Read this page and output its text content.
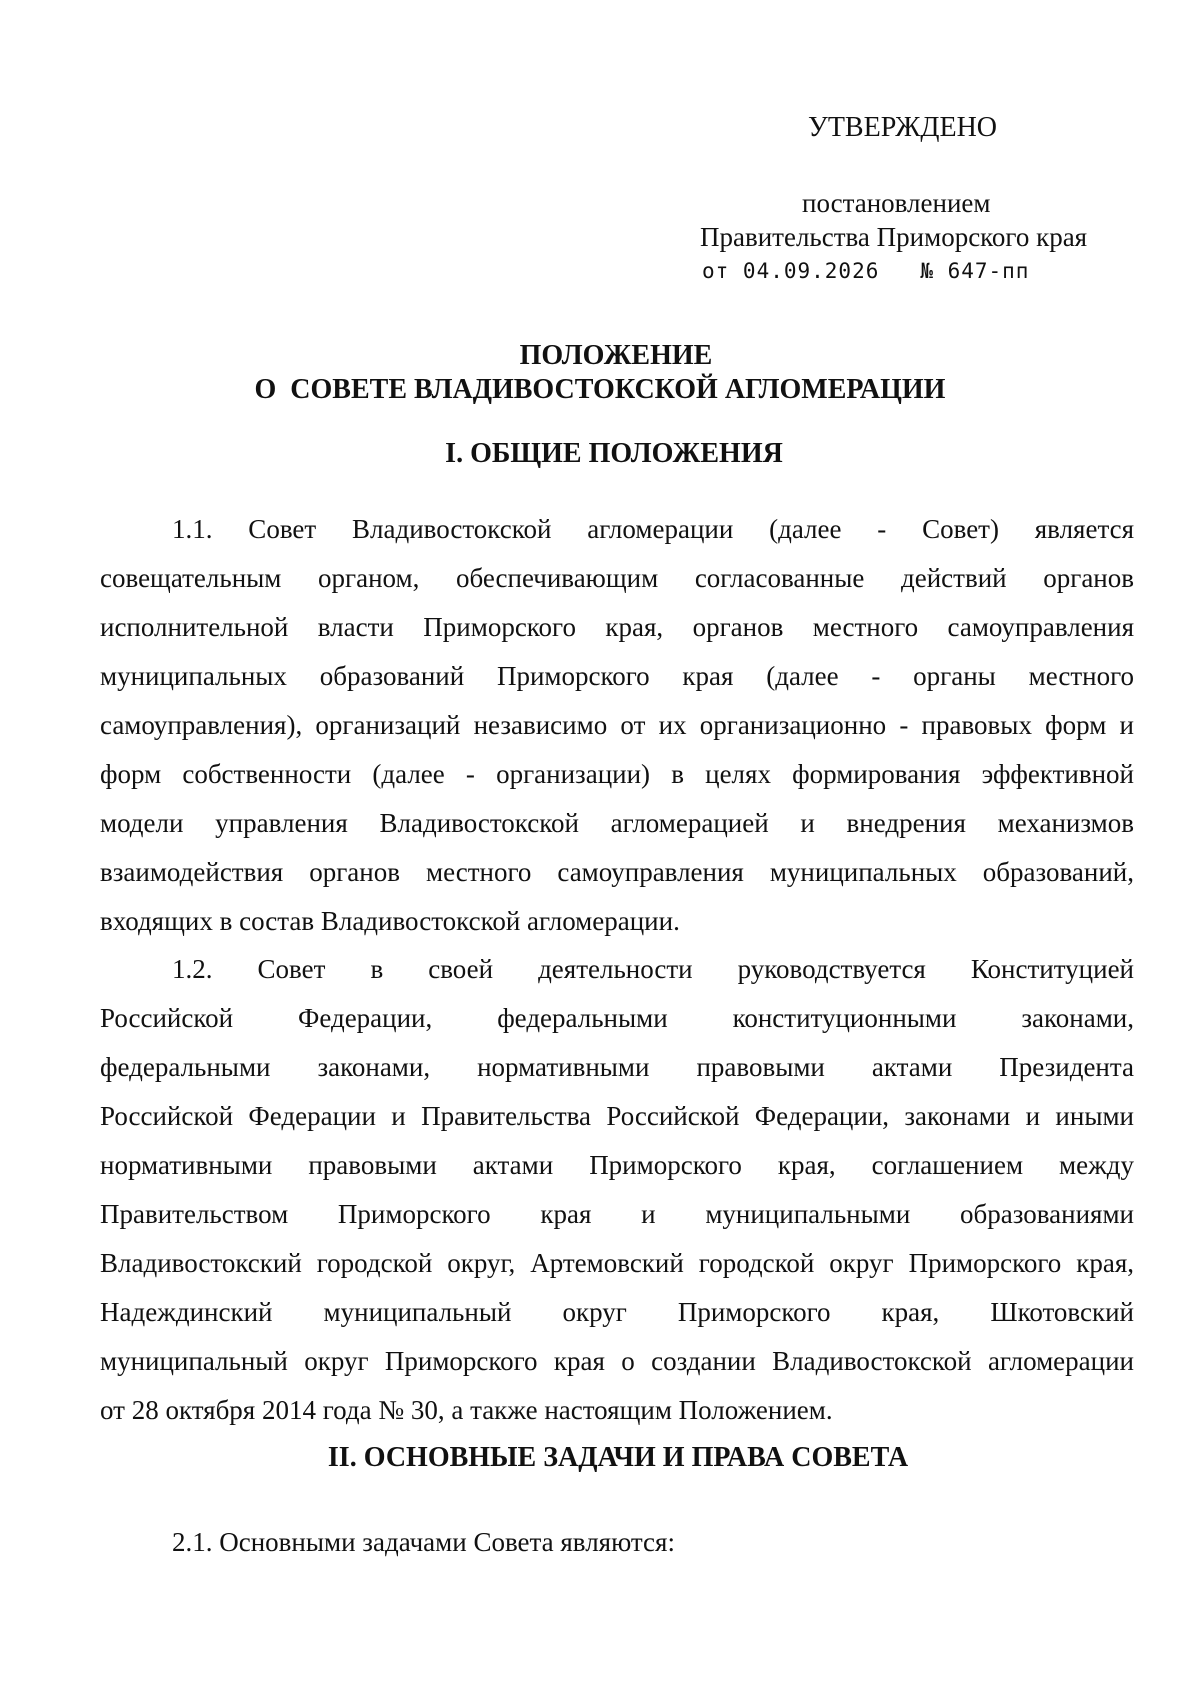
УТВЕРЖДЕНО
постановлением
Правительства Приморского края
от 04.09.2026   № 647-пп
ПОЛОЖЕНИЕ
О  СОВЕТЕ ВЛАДИВОСТОКСКОЙ АГЛОМЕРАЦИИ
I. ОБЩИЕ ПОЛОЖЕНИЯ
1.1. Совет Владивостокской агломерации (далее - Совет) является
совещательным органом, обеспечивающим согласованные действий органов
исполнительной власти Приморского края, органов местного самоуправления
муниципальных образований Приморского края (далее - органы местного
самоуправления), организаций независимо от их организационно - правовых форм и
форм собственности (далее - организации) в целях формирования эффективной
модели управления Владивостокской агломерацией и внедрения механизмов
взаимодействия органов местного самоуправления муниципальных образований,
входящих в состав Владивостокской агломерации.
1.2. Совет в своей деятельности руководствуется Конституцией
Российской Федерации, федеральными конституционными законами,
федеральными законами, нормативными правовыми актами Президента
Российской Федерации и Правительства Российской Федерации, законами и иными
нормативными правовыми актами Приморского края, соглашением между
Правительством Приморского края и муниципальными образованиями
Владивостокский городской округ, Артемовский городской округ Приморского края,
Надеждинский муниципальный округ Приморского края, Шкотовский
муниципальный округ Приморского края о создании Владивостокской агломерации
от 28 октября 2014 года № 30, а также настоящим Положением.
II. ОСНОВНЫЕ ЗАДАЧИ И ПРАВА СОВЕТА
2.1. Основными задачами Совета являются:
